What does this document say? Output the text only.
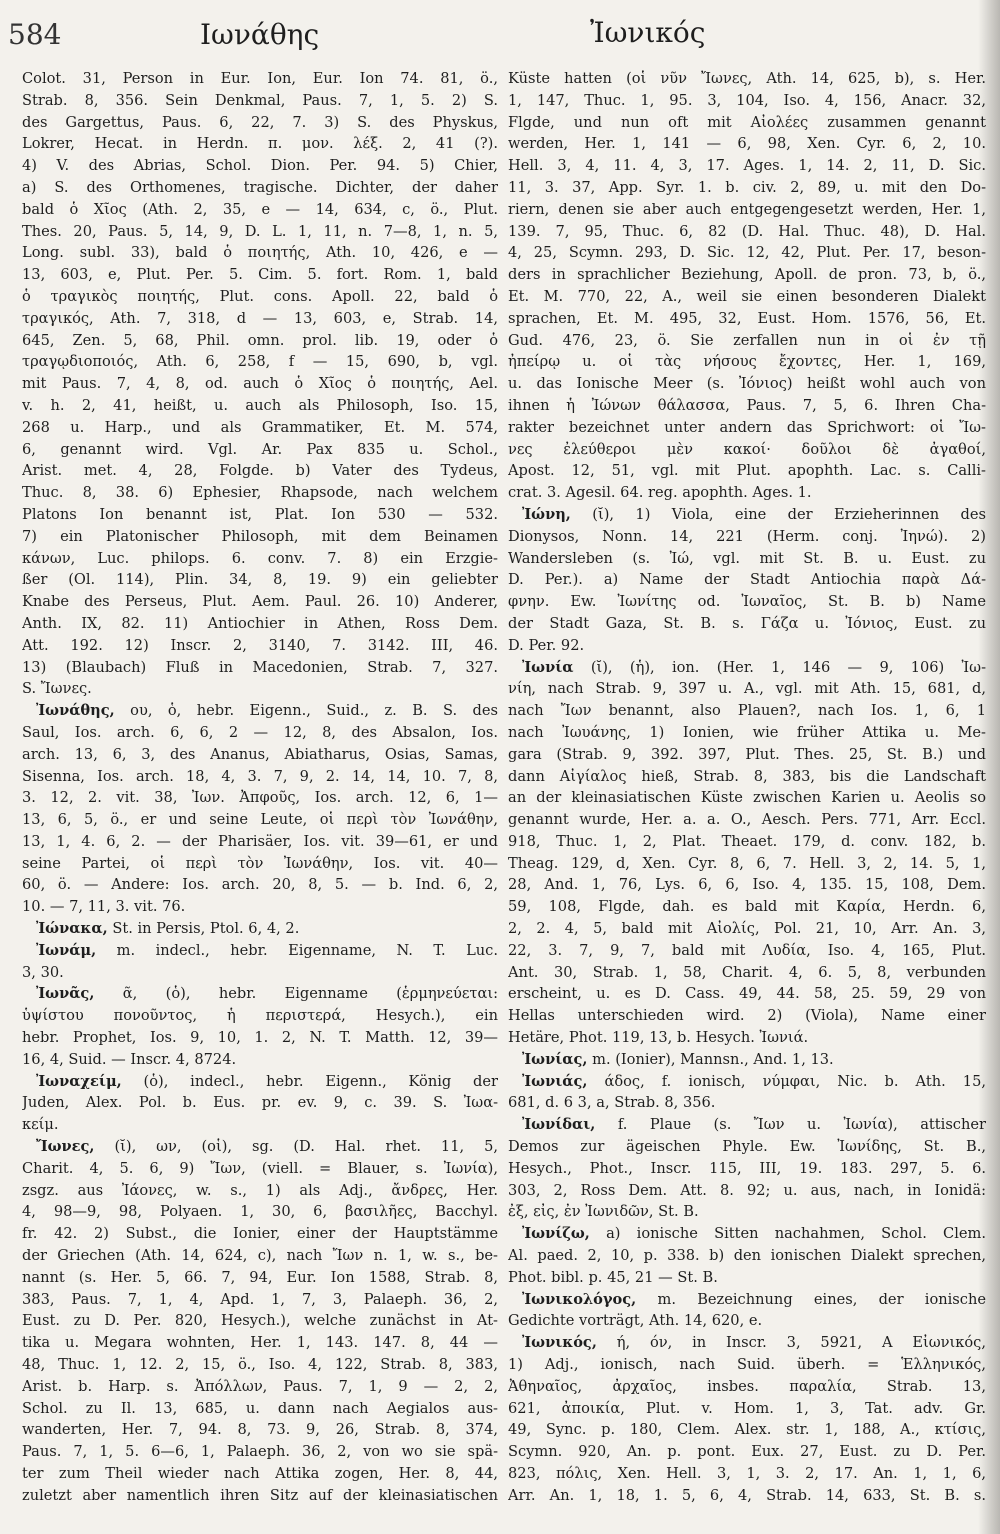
584	Ιωνάθης	Ἰωνικός
Colot. 31, Person in Eur. Ion, Eur. Ion 74. 81, ö.,
Strab. 8, 356. Sein Denkmal, Paus. 7, 1, 5. 2) S.
des Gargettus, Paus. 6, 22, 7. 3) S. des Physkus,
Lokrer, Hecat. in Herdn. π. μον. λέξ. 2, 41 (?).
4) V. des Abrias, Schol. Dion. Per. 94. 5) Chier,
a) S. des Orthomenes, tragische. Dichter, der daher
bald ὁ Χῖος (Ath. 2, 35, e — 14, 634, c, ö., Plut.
Thes. 20, Paus. 5, 14, 9, D. L. 1, 11, n. 7—8, 1, n. 5,
Long. subl. 33), bald ὁ ποιητής, Ath. 10, 426, e —
13, 603, e, Plut. Per. 5. Cim. 5. fort. Rom. 1, bald
ὁ τραγικὸς ποιητής, Plut. cons. Apoll. 22, bald ὁ
τραγικός, Ath. 7, 318, d — 13, 603, e, Strab. 14,
645, Zen. 5, 68, Phil. omn. prol. lib. 19, oder ὁ
τραγῳδιοποιός, Ath. 6, 258, f — 15, 690, b, vgl.
mit Paus. 7, 4, 8, od. auch ὁ Χῖος ὁ ποιητής, Ael.
v. h. 2, 41, heißt, u. auch als Philosoph, Iso. 15,
268 u. Harp., und als Grammatiker, Et. M. 574,
6, genannt wird. Vgl. Ar. Pax 835 u. Schol.,
Arist. met. 4, 28, Folgde. b) Vater des Tydeus,
Thuc. 8, 38. 6) Ephesier, Rhapsode, nach welchem
Platons Ion benannt ist, Plat. Ion 530 — 532.
7) ein Platonischer Philosoph, mit dem Beinamen
κάνων, Luc. philops. 6. conv. 7. 8) ein Erzgie-
ßer (Ol. 114), Plin. 34, 8, 19. 9) ein geliebter
Knabe des Perseus, Plut. Aem. Paul. 26. 10) Anderer,
Anth. IX, 82. 11) Antiochier in Athen, Ross Dem.
Att. 192. 12) Inscr. 2, 3140, 7. 3142. III, 46.
13) (Blaubach) Fluß in Macedonien, Strab. 7, 327.
S. Ἴωνες.
Ἰωνάθης, ου, ὁ, hebr. Eigenn., Suid., z. B. S. des
Saul, Ios. arch. 6, 6, 2 — 12, 8, des Absalon, Ios.
arch. 13, 6, 3, des Ananus, Abiatharus, Osias, Samas,
Sisenna, Ios. arch. 18, 4, 3. 7, 9, 2. 14, 14, 10. 7, 8,
3. 12, 2. vit. 38, Ἰων. Ἀπφοῦς, Ios. arch. 12, 6, 1—
13, 6, 5, ö., er und seine Leute, οἱ περὶ τὸν Ἰωνάθην,
13, 1, 4. 6, 2. — der Pharisäer, Ios. vit. 39—61, er und
seine Partei, οἱ περὶ τὸν Ἰωνάθην, Ios. vit. 40—
60, ö. — Andere: Ios. arch. 20, 8, 5. — b. Ind. 6, 2,
10. — 7, 11, 3. vit. 76.
Ἰώνακα, St. in Persis, Ptol. 6, 4, 2.
Ἰωνάμ, m. indecl., hebr. Eigenname, N. T. Luc.
3, 30.
Ἰωνᾶς, ᾶ, (ὁ), hebr. Eigenname (ἑρμηνεύεται:
ὑψίστου πονοῦντος, ἡ περιστερά, Hesych.), ein
hebr. Prophet, Ios. 9, 10, 1. 2, N. T. Matth. 12, 39—
16, 4, Suid. — Inscr. 4, 8724.
Ἰωναχείμ, (ὁ), indecl., hebr. Eigenn., König der
Juden, Alex. Pol. b. Eus. pr. ev. 9, c. 39. S. Ἰωα-
κείμ.
Ἴωνες, (ῐ), ων, (οἱ), sg. (D. Hal. rhet. 11, 5,
Charit. 4, 5. 6, 9) Ἴων, (viell. = Blauer, s. Ἰωνία),
zsgz. aus Ἰάονες, w. s., 1) als Adj., ἄνδρες, Her.
4, 98—9, 98, Polyaen. 1, 30, 6, βασιλῆες, Bacchyl.
fr. 42. 2) Subst., die Ionier, einer der Hauptstämme
der Griechen (Ath. 14, 624, c), nach Ἴων n. 1, w. s., be-
nannt (s. Her. 5, 66. 7, 94, Eur. Ion 1588, Strab. 8,
383, Paus. 7, 1, 4, Apd. 1, 7, 3, Palaeph. 36, 2,
Eust. zu D. Per. 820, Hesych.), welche zunächst in At-
tika u. Megara wohnten, Her. 1, 143. 147. 8, 44 —
48, Thuc. 1, 12. 2, 15, ö., Iso. 4, 122, Strab. 8, 383,
Arist. b. Harp. s. Ἀπόλλων, Paus. 7, 1, 9 — 2, 2,
Schol. zu Il. 13, 685, u. dann nach Aegialos aus-
wanderten, Her. 7, 94. 8, 73. 9, 26, Strab. 8, 374,
Paus. 7, 1, 5. 6—6, 1, Palaeph. 36, 2, von wo sie spä-
ter zum Theil wieder nach Attika zogen, Her. 8, 44,
zuletzt aber namentlich ihren Sitz auf der kleinasiatischen
Küste hatten (οἱ νῦν Ἴωνες, Ath. 14, 625, b), s. Her.
1, 147, Thuc. 1, 95. 3, 104, Iso. 4, 156, Anacr. 32,
Flgde, und nun oft mit Αἰολέες zusammen genannt
werden, Her. 1, 141 — 6, 98, Xen. Cyr. 6, 2, 10.
Hell. 3, 4, 11. 4, 3, 17. Ages. 1, 14. 2, 11, D. Sic.
11, 3. 37, App. Syr. 1. b. civ. 2, 89, u. mit den Do-
riern, denen sie aber auch entgegengesetzt werden, Her. 1,
139. 7, 95, Thuc. 6, 82 (D. Hal. Thuc. 48), D. Hal.
4, 25, Scymn. 293, D. Sic. 12, 42, Plut. Per. 17, beson-
ders in sprachlicher Beziehung, Apoll. de pron. 73, b, ö.,
Et. M. 770, 22, A., weil sie einen besonderen Dialekt
sprachen, Et. M. 495, 32, Eust. Hom. 1576, 56, Et.
Gud. 476, 23, ö. Sie zerfallen nun in οἱ ἐν τῇ
ἠπείρῳ u. οἱ τὰς νήσους ἔχοντες, Her. 1, 169,
u. das Ionische Meer (s. Ἰόνιος) heißt wohl auch von
ihnen ἡ Ἰώνων θάλασσα, Paus. 7, 5, 6. Ihren Cha-
rakter bezeichnet unter andern das Sprichwort: οἱ Ἴω-
νες ἐλεύθεροι μὲν κακοί· δοῦλοι δὲ ἀγαθοί,
Apost. 12, 51, vgl. mit Plut. apophth. Lac. s. Calli-
crat. 3. Agesil. 64. reg. apophth. Ages. 1.
Ἰώνη, (ῐ), 1) Viola, eine der Erzieherinnen des
Dionysos, Nonn. 14, 221 (Herm. conj. Ἰηνώ). 2)
Wandersleben (s. Ἰώ, vgl. mit St. B. u. Eust. zu
D. Per.). a) Name der Stadt Antiochia παρὰ Δά-
φνην. Ew. Ἰωνίτης od. Ἰωναῖος, St. B. b) Name
der Stadt Gaza, St. B. s. Γάζα u. Ἰόνιος, Eust. zu
D. Per. 92.
Ἰωνία (ῐ), (ἡ), ion. (Her. 1, 146 — 9, 106) Ἰω-
νίη, nach Strab. 9, 397 u. A., vgl. mit Ath. 15, 681, d,
nach Ἴων benannt, also Plauen?, nach Ios. 1, 6, 1
nach Ἰωυάνης, 1) Ionien, wie früher Attika u. Me-
gara (Strab. 9, 392. 397, Plut. Thes. 25, St. B.) und
dann Αἰγίαλος hieß, Strab. 8, 383, bis die Landschaft
an der kleinasiatischen Küste zwischen Karien u. Aeolis so
genannt wurde, Her. a. a. O., Aesch. Pers. 771, Arr. Eccl.
918, Thuc. 1, 2, Plat. Theaet. 179, d. conv. 182, b.
Theag. 129, d, Xen. Cyr. 8, 6, 7. Hell. 3, 2, 14. 5, 1,
28, And. 1, 76, Lys. 6, 6, Iso. 4, 135. 15, 108, Dem.
59, 108, Flgde, dah. es bald mit Καρία, Herdn. 6,
2, 2. 4, 5, bald mit Αἰολίς, Pol. 21, 10, Arr. An. 3,
22, 3. 7, 9, 7, bald mit Λυδία, Iso. 4, 165, Plut.
Ant. 30, Strab. 1, 58, Charit. 4, 6. 5, 8, verbunden
erscheint, u. es D. Cass. 49, 44. 58, 25. 59, 29 von
Hellas unterschieden wird. 2) (Viola), Name einer
Hetäre, Phot. 119, 13, b. Hesych. Ἰωνιά.
Ἰωνίας, m. (Ionier), Mannsn., And. 1, 13.
Ἰωνιάς, άδος, f. ionisch, νύμφαι, Nic. b. Ath. 15,
681, d. 6 3, a, Strab. 8, 356.
Ἰωνίδαι, f. Plaue (s. Ἴων u. Ἰωνία), attischer
Demos zur ägeischen Phyle. Ew. Ἰωνίδης, St. B.,
Hesych., Phot., Inscr. 115, III, 19. 183. 297, 5. 6.
303, 2, Ross Dem. Att. 8. 92; u. aus, nach, in Ionidä:
ἐξ, εἰς, ἐν Ἰωνιδῶν, St. B.
Ἰωνίζω, a) ionische Sitten nachahmen, Schol. Clem.
Al. paed. 2, 10, p. 338. b) den ionischen Dialekt sprechen,
Phot. bibl. p. 45, 21 — St. B.
Ἰωνικολόγος, m. Bezeichnung eines, der ionische
Gedichte vorträgt, Ath. 14, 620, e.
Ἰωνικός, ή, όν, in Inscr. 3, 5921, A Εἰωνικός,
1) Adj., ionisch, nach Suid. überh. = Ἑλληνικός,
Ἀθηναῖος, ἀρχαῖος, insbes. παραλία, Strab. 13,
621, ἀποικία, Plut. v. Hom. 1, 3, Tat. adv. Gr.
49, Sync. p. 180, Clem. Alex. str. 1, 188, A., κτίσις,
Scymn. 920, An. p. pont. Eux. 27, Eust. zu D. Per.
823, πόλις, Xen. Hell. 3, 1, 3. 2, 17. An. 1, 1, 6,
Arr. An. 1, 18, 1. 5, 6, 4, Strab. 14, 633, St. B. s.
